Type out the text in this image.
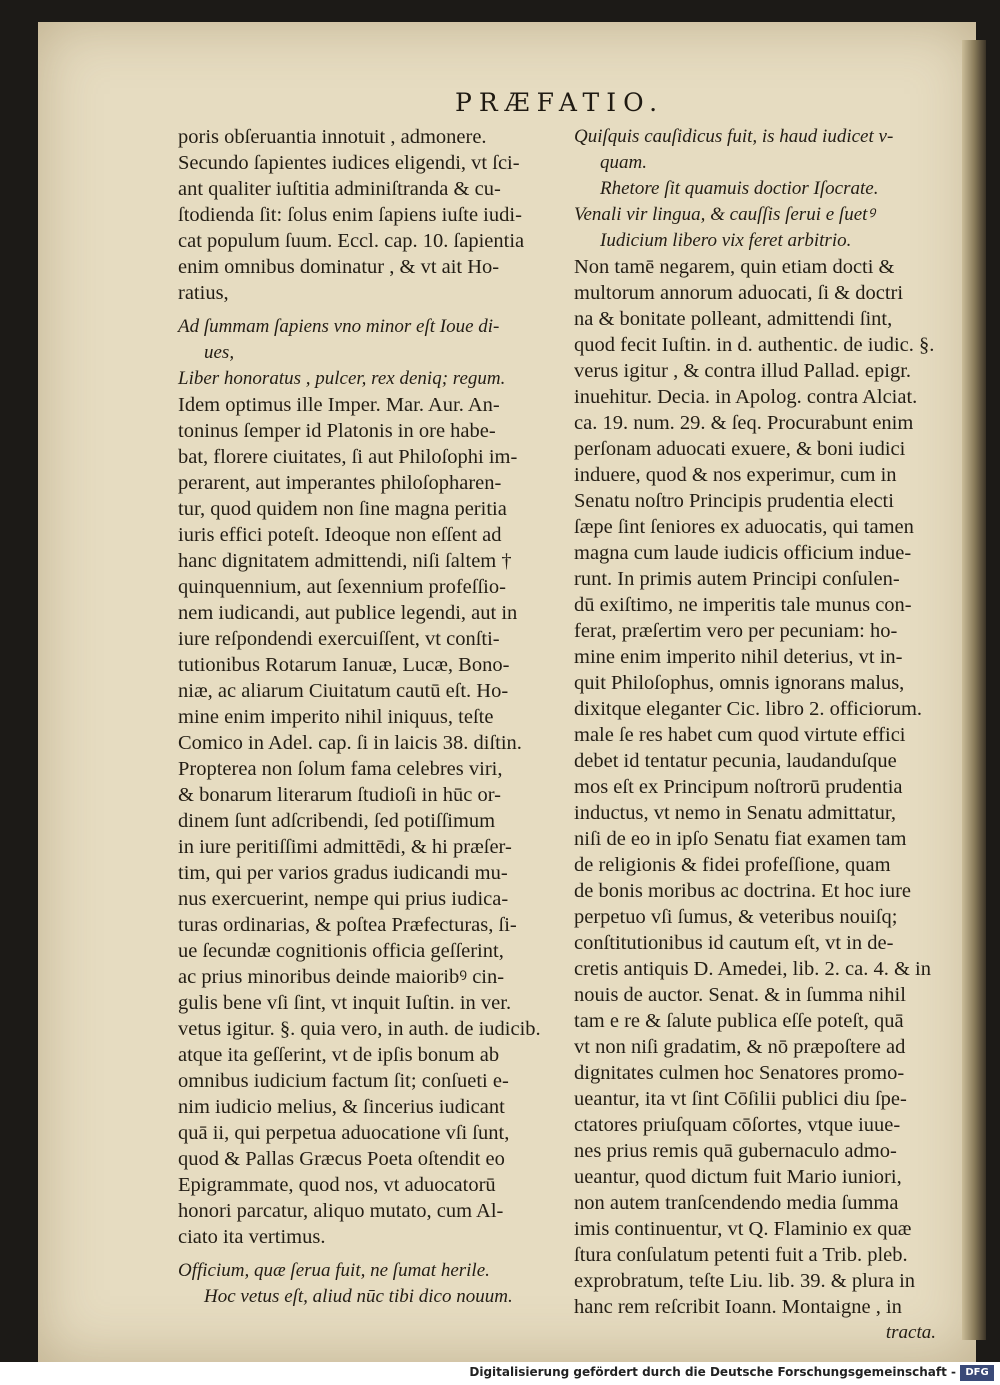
PRÆFATIO.
poris obſeruantia innotuit , admonere.
Secundo ſapientes iudices eligendi, vt ſci-
ant qualiter iuſtitia adminiſtranda & cu-
ſtodienda ſit: ſolus enim ſapiens iuſte iudi-
cat populum ſuum. Eccl. cap. 10. ſapientia
enim omnibus dominatur , & vt ait Ho-
ratius,
Ad ſummam ſapiens vno minor eſt Ioue di-
ues,
Liber honoratus , pulcer, rex deniq; regum.
Idem optimus ille Imper. Mar. Aur. An-
toninus ſemper id Platonis in ore habe-
bat, florere ciuitates, ſi aut Philoſophi im-
perarent, aut imperantes philoſopharen-
tur, quod quidem non ſine magna peritia
iuris effici poteſt. Ideoque non eſſent ad
hanc dignitatem admittendi, niſi ſaltem †
quinquennium, aut ſexennium profeſſio-
nem iudicandi, aut publice legendi, aut in
iure reſpondendi exercuiſſent, vt conſti-
tutionibus Rotarum Ianuæ, Lucæ, Bono-
niæ, ac aliarum Ciuitatum cautū eſt. Ho-
mine enim imperito nihil iniquus, teſte
Comico in Adel. cap. ſi in laicis 38. diſtin.
Propterea non ſolum fama celebres viri,
& bonarum literarum ſtudioſi in hūc or-
dinem ſunt adſcribendi, ſed potiſſimum
in iure peritiſſimi admittēdi, & hi præſer-
tim, qui per varios gradus iudicandi mu-
nus exercuerint, nempe qui prius iudica-
turas ordinarias, & poſtea Præfecturas, ſi-
ue ſecundæ cognitionis officia geſſerint,
ac prius minoribus deinde maioribꝰ cin-
gulis bene vſi ſint, vt inquit Iuſtin. in ver.
vetus igitur. §. quia vero, in auth. de iudicib.
atque ita geſſerint, vt de ipſis bonum ab
omnibus iudicium factum ſit; conſueti e-
nim iudicio melius, & ſincerius iudicant
quā ii, qui perpetua aduocatione vſi ſunt,
quod & Pallas Græcus Poeta oſtendit eo
Epigrammate, quod nos, vt aduocatorū
honori parcatur, aliquo mutato, cum Al-
ciato ita vertimus.
Officium, quæ ſerua fuit, ne ſumat herile.
Hoc vetus eſt, aliud nūc tibi dico nouum.
Quiſquis cauſidicus fuit, is haud iudicet v-
quam.
Rhetore ſit quamuis doctior Iſocrate.
Venali vir lingua, & cauſſis ſerui e ſuetꝰ
Iudicium libero vix feret arbitrio.
Non tamē negarem, quin etiam docti &
multorum annorum aduocati, ſi & doctri
na & bonitate polleant, admittendi ſint,
quod fecit Iuſtin. in d. authentic. de iudic. §.
verus igitur , & contra illud Pallad. epigr.
inuehitur. Decia. in Apolog. contra Alciat.
ca. 19. num. 29. & ſeq. Procurabunt enim
perſonam aduocati exuere, & boni iudici
induere, quod & nos experimur, cum in
Senatu noſtro Principis prudentia electi
ſæpe ſint ſeniores ex aduocatis, qui tamen
magna cum laude iudicis officium indue-
runt. In primis autem Principi conſulen-
dū exiſtimo, ne imperitis tale munus con-
ferat, præſertim vero per pecuniam: ho-
mine enim imperito nihil deterius, vt in-
quit Philoſophus, omnis ignorans malus,
dixitque eleganter Cic. libro 2. officiorum.
male ſe res habet cum quod virtute effici
debet id tentatur pecunia, laudanduſque
mos eſt ex Principum noſtrorū prudentia
inductus, vt nemo in Senatu admittatur,
niſi de eo in ipſo Senatu fiat examen tam
de religionis & fidei profeſſione, quam
de bonis moribus ac doctrina. Et hoc iure
perpetuo vſi ſumus, & veteribus nouiſq;
conſtitutionibus id cautum eſt, vt in de-
cretis antiquis D. Amedei, lib. 2. ca. 4. & in
nouis de auctor. Senat. & in ſumma nihil
tam e re & ſalute publica eſſe poteſt, quā
vt non niſi gradatim, & nō præpoſtere ad
dignitates culmen hoc Senatores promo-
ueantur, ita vt ſint Cōſilii publici diu ſpe-
ctatores priuſquam cōſortes, vtque iuue-
nes prius remis quā gubernaculo admo-
ueantur, quod dictum fuit Mario iuniori,
non autem tranſcendendo media ſumma
imis continuentur, vt Q. Flaminio ex quæ
ſtura conſulatum petenti fuit a Trib. pleb.
exprobratum, teſte Liu. lib. 39. & plura in
hanc rem reſcribit Ioann. Montaigne , in
tracta.
Digitalisierung gefördert durch die Deutsche Forschungsgemeinschaft - DFG
